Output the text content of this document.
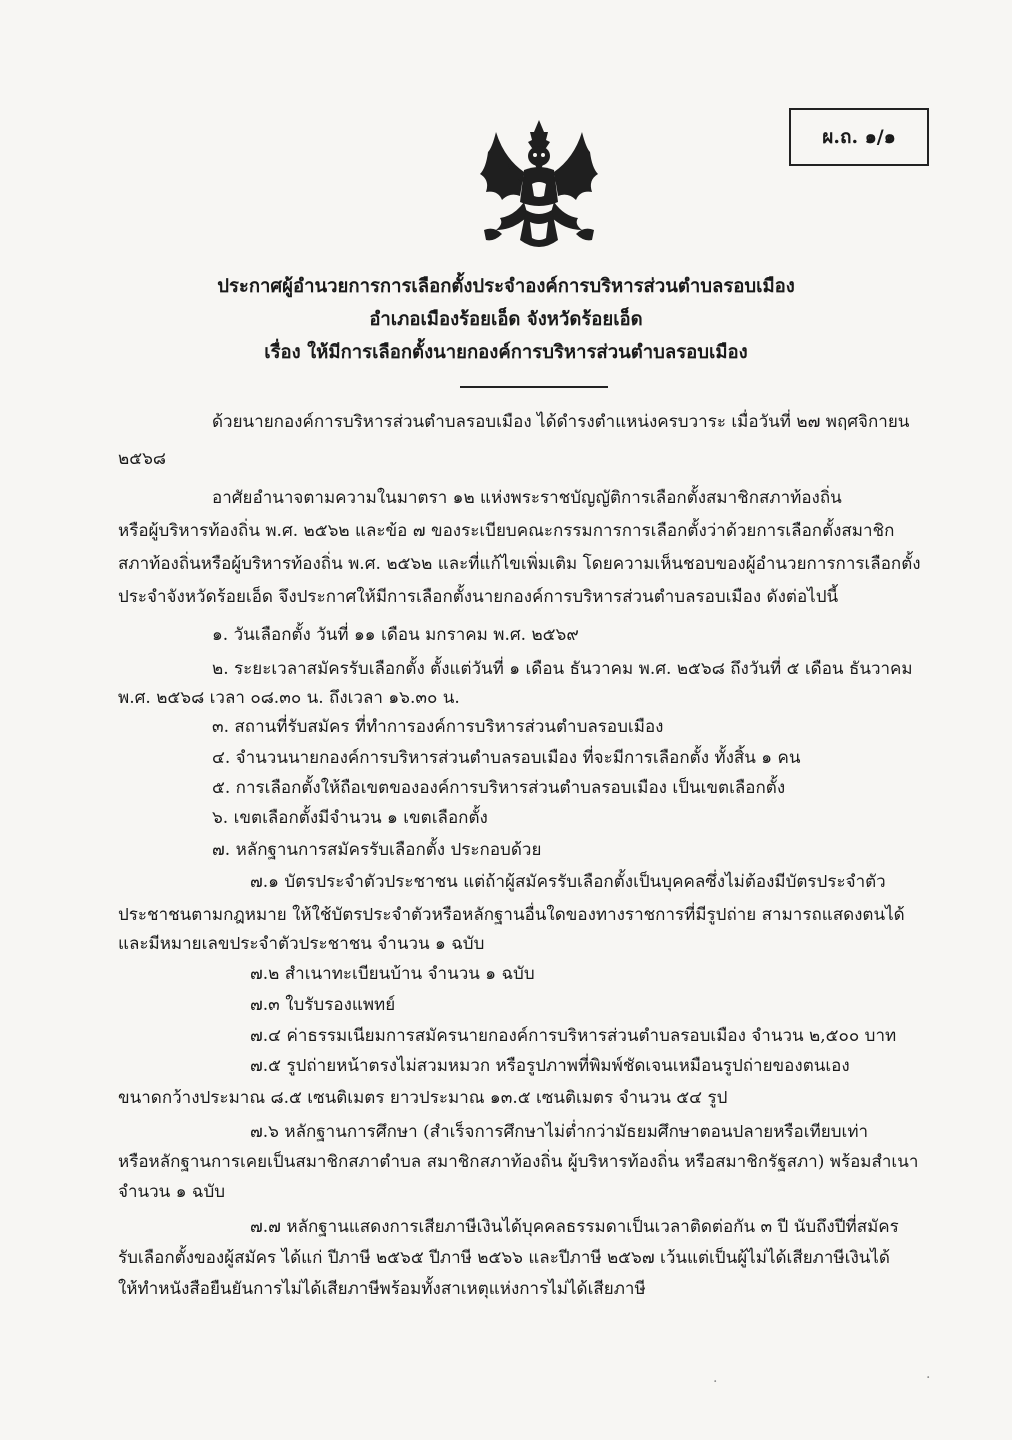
ผ.ถ. ๑/๑
ประกาศผู้อำนวยการการเลือกตั้งประจำองค์การบริหารส่วนตำบลรอบเมือง
อำเภอเมืองร้อยเอ็ด จังหวัดร้อยเอ็ด
เรื่อง ให้มีการเลือกตั้งนายกองค์การบริหารส่วนตำบลรอบเมือง
ด้วยนายกองค์การบริหารส่วนตำบลรอบเมือง ได้ดำรงตำแหน่งครบวาระ เมื่อวันที่ ๒๗ พฤศจิกายน
๒๕๖๘
อาศัยอำนาจตามความในมาตรา ๑๒ แห่งพระราชบัญญัติการเลือกตั้งสมาชิกสภาท้องถิ่น
หรือผู้บริหารท้องถิ่น พ.ศ. ๒๕๖๒ และข้อ ๗ ของระเบียบคณะกรรมการการเลือกตั้งว่าด้วยการเลือกตั้งสมาชิก
สภาท้องถิ่นหรือผู้บริหารท้องถิ่น พ.ศ. ๒๕๖๒ และที่แก้ไขเพิ่มเติม โดยความเห็นชอบของผู้อำนวยการการเลือกตั้ง
ประจำจังหวัดร้อยเอ็ด จึงประกาศให้มีการเลือกตั้งนายกองค์การบริหารส่วนตำบลรอบเมือง ดังต่อไปนี้
๑. วันเลือกตั้ง วันที่ ๑๑ เดือน มกราคม พ.ศ. ๒๕๖๙
๒. ระยะเวลาสมัครรับเลือกตั้ง ตั้งแต่วันที่ ๑ เดือน ธันวาคม พ.ศ. ๒๕๖๘ ถึงวันที่ ๕ เดือน ธันวาคม
พ.ศ. ๒๕๖๘ เวลา ๐๘.๓๐ น. ถึงเวลา ๑๖.๓๐ น.
๓. สถานที่รับสมัคร ที่ทำการองค์การบริหารส่วนตำบลรอบเมือง
๔. จำนวนนายกองค์การบริหารส่วนตำบลรอบเมือง ที่จะมีการเลือกตั้ง ทั้งสิ้น ๑ คน
๕. การเลือกตั้งให้ถือเขตขององค์การบริหารส่วนตำบลรอบเมือง เป็นเขตเลือกตั้ง
๖. เขตเลือกตั้งมีจำนวน ๑ เขตเลือกตั้ง
๗. หลักฐานการสมัครรับเลือกตั้ง ประกอบด้วย
๗.๑ บัตรประจำตัวประชาชน แต่ถ้าผู้สมัครรับเลือกตั้งเป็นบุคคลซึ่งไม่ต้องมีบัตรประจำตัว
ประชาชนตามกฎหมาย ให้ใช้บัตรประจำตัวหรือหลักฐานอื่นใดของทางราชการที่มีรูปถ่าย สามารถแสดงตนได้
และมีหมายเลขประจำตัวประชาชน จำนวน ๑ ฉบับ
๗.๒ สำเนาทะเบียนบ้าน จำนวน ๑ ฉบับ
๗.๓ ใบรับรองแพทย์
๗.๔ ค่าธรรมเนียมการสมัครนายกองค์การบริหารส่วนตำบลรอบเมือง จำนวน ๒,๕๐๐ บาท
๗.๕ รูปถ่ายหน้าตรงไม่สวมหมวก หรือรูปภาพที่พิมพ์ชัดเจนเหมือนรูปถ่ายของตนเอง
ขนาดกว้างประมาณ ๘.๕ เซนติเมตร ยาวประมาณ ๑๓.๕ เซนติเมตร จำนวน ๕๔ รูป
๗.๖ หลักฐานการศึกษา (สำเร็จการศึกษาไม่ต่ำกว่ามัธยมศึกษาตอนปลายหรือเทียบเท่า
หรือหลักฐานการเคยเป็นสมาชิกสภาตำบล สมาชิกสภาท้องถิ่น ผู้บริหารท้องถิ่น หรือสมาชิกรัฐสภา) พร้อมสำเนา
จำนวน ๑ ฉบับ
๗.๗ หลักฐานแสดงการเสียภาษีเงินได้บุคคลธรรมดาเป็นเวลาติดต่อกัน ๓ ปี นับถึงปีที่สมัคร
รับเลือกตั้งของผู้สมัคร ได้แก่ ปีภาษี ๒๕๖๕ ปีภาษี ๒๕๖๖ และปีภาษี ๒๕๖๗ เว้นแต่เป็นผู้ไม่ได้เสียภาษีเงินได้
ให้ทำหนังสือยืนยันการไม่ได้เสียภาษีพร้อมทั้งสาเหตุแห่งการไม่ได้เสียภาษี
·	·
